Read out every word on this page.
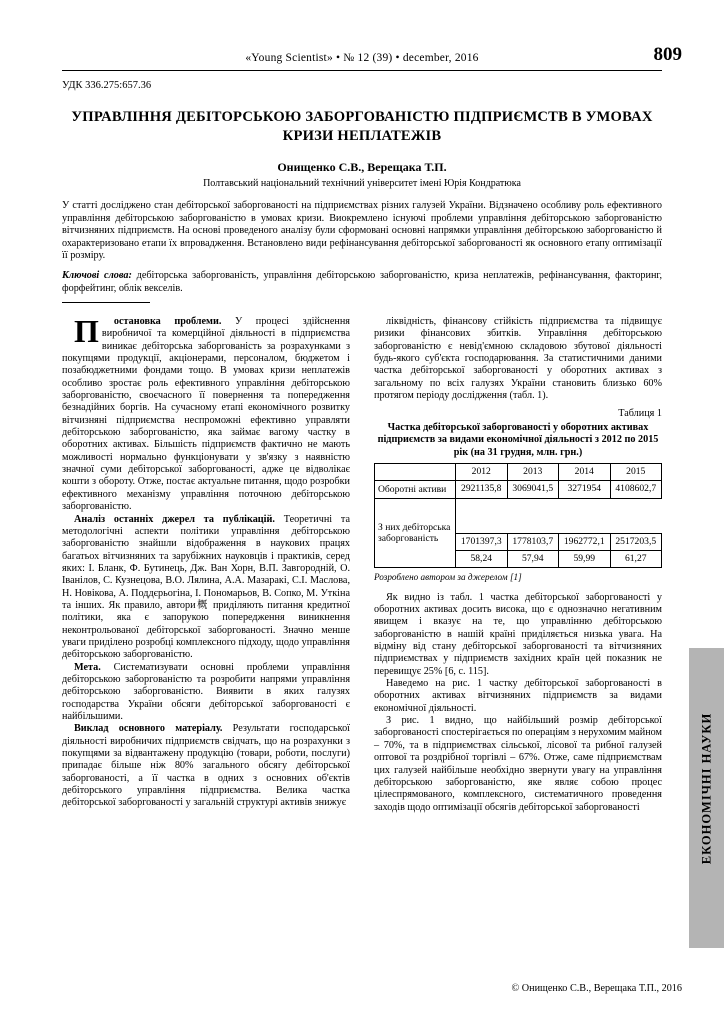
«Young Scientist» • № 12 (39) • december, 2016	809
УДК 336.275:657.36
УПРАВЛІННЯ ДЕБІТОРСЬКОЮ ЗАБОРГОВАНІСТЮ ПІДПРИЄМСТВ В УМОВАХ КРИЗИ НЕПЛАТЕЖІВ
Онищенко С.В., Верещака Т.П.
Полтавський національний технічний університет імені Юрія Кондратюка
У статті досліджено стан дебіторської заборгованості на підприємствах різних галузей України. Відзначено особливу роль ефективного управління дебіторською заборгованістю в умовах кризи. Виокремлено існуючі проблеми управління дебіторською заборгованістю вітчизняних підприємств. На основі проведеного аналізу були сформовані основні напрямки управління дебіторською заборгованістю й охарактеризовано етапи їх впровадження. Встановлено види рефінансування дебіторської заборгованості як основного етапу оптимізації її розміру.
Ключові слова: дебіторська заборгованість, управління дебіторською заборгованістю, криза неплатежів, рефінансування, факторинг, форфейтинг, облік векселів.

П остановка проблеми. У процесі здійснення виробничої та комерційної діяльності в підприємства виникає дебіторська заборгованість за розрахунками з покупцями продукції, акціонерами, персоналом, бюджетом і позабюджетними фондами тощо. В умовах кризи неплатежів особливо зростає роль ефективного управління дебіторською заборгованістю, своєчасного її повернення та попередження безнадійних боргів. На сучасному етапі економічного розвитку вітчизняні підприємства неспроможні ефективно управляти дебіторською заборгованістю, яка займає вагому частку в оборотних активах. Більшість підприємств фактично не мають можливості нормально функціонувати у зв'язку з наявністю значної суми дебіторської заборгованості, адже це відволікає кошти з обороту. Отже, постає актуальне питання, щодо розробки ефективного механізму управління поточною дебіторською заборгованістю.

Аналіз останніх джерел та публікацій. Теоретичні та методологічні аспекти політики управління дебіторською заборгованістю знайшли відображення в наукових працях багатьох вітчизняних та зарубіжних науковців і практиків, серед яких: І. Бланк, Ф. Бутинець, Дж. Ван Хорн, В.П. Завгородній, О. Іванілов, С. Кузнецова, В.О. Лялина, А.А. Мазаракі, С.І. Маслова, Н. Новікова, А. Поддєрьогіна, І. Пономарьов, В. Сопко, М. Уткіна та інших. Як правило, автори概 приділяють питання кредитної політики, яка є запорукою попередження виникнення неконтрольованої дебіторської заборгованості. Значно менше уваги приділено розробці комплексного підходу, щодо управління дебіторською заборгованістю.

Мета. Систематизувати основні проблеми управління дебіторською заборгованістю та розробити напрями управління дебіторською заборгованістю. Виявити в яких галузях господарства України обсяги дебіторської заборгованості є найбільшими.

Виклад основного матеріалу. Результати господарської діяльності виробничих підприємств свідчать, що на розрахунки з покупцями за відвантажену продукцію (товари, роботи, послуги) припадає більше ніж 80% загального обсягу дебіторської заборгованості, а її частка в одних з основних об'єктів дебіторського управління підприємства. Велика частка дебіторської заборгованості у загальній структурі активів знижує

ліквідність, фінансову стійкість підприємства та підвищує ризики фінансових збитків. Управління дебіторською заборгованістю є невід'ємною складовою збутової діяльності будь-якого суб'єкта господарювання. За статистичними даними частка дебіторської заборгованості у оборотних активах з загальному по всіх галузях України становить близько 60% протягом періоду дослідження (табл. 1).

Таблиця 1
Частка дебіторської заборгованості у оборотних активах підприємств за видами економічної діяльності з 2012 по 2015 рік (на 31 грудня, млн. грн.)
	2012	2013	2014	2015
Оборотні активи	2921135,8	3069041,5	3271954	4108602,7
З них дебіторська заборгованість				
	1701397,3	1778103,7	1962772,1	2517203,5
	58,24	57,94	59,99	61,27
Розроблено автором за джерелом [1]

Як видно із табл. 1 частка дебіторської заборгованості у оборотних активах досить висока, що є однозначно негативним явищем і вказує на те, що управлінню дебіторською заборгованістю в нашій країні приділяється низька увага. На відміну від стану дебіторської заборгованості та вітчизняних підприємствах у підприємств західних країн цей показник не перевищує 25% [6, с. 115].

Наведемо на рис. 1 частку дебіторської заборгованості в оборотних активах вітчизняних підприємств за видами економічної діяльності.

З рис. 1 видно, що найбільший розмір дебіторської заборгованості спостерігається по операціям з нерухомим майном – 70%, та в підприємствах сільської, лісової та рибної галузей оптової та роздрібної торгівлі – 67%. Отже, саме підприємствам цих галузей найбільше необхідно звернути увагу на управління дебіторською заборгованістю, яке являє собою процес цілеспрямованого, комплексного, систематичного проведення заходів щодо оптимізації обсягів дебіторської заборгованості	ЕКОНОМІЧНІ НАУКИ
© Онищенко С.В., Верещака Т.П., 2016
